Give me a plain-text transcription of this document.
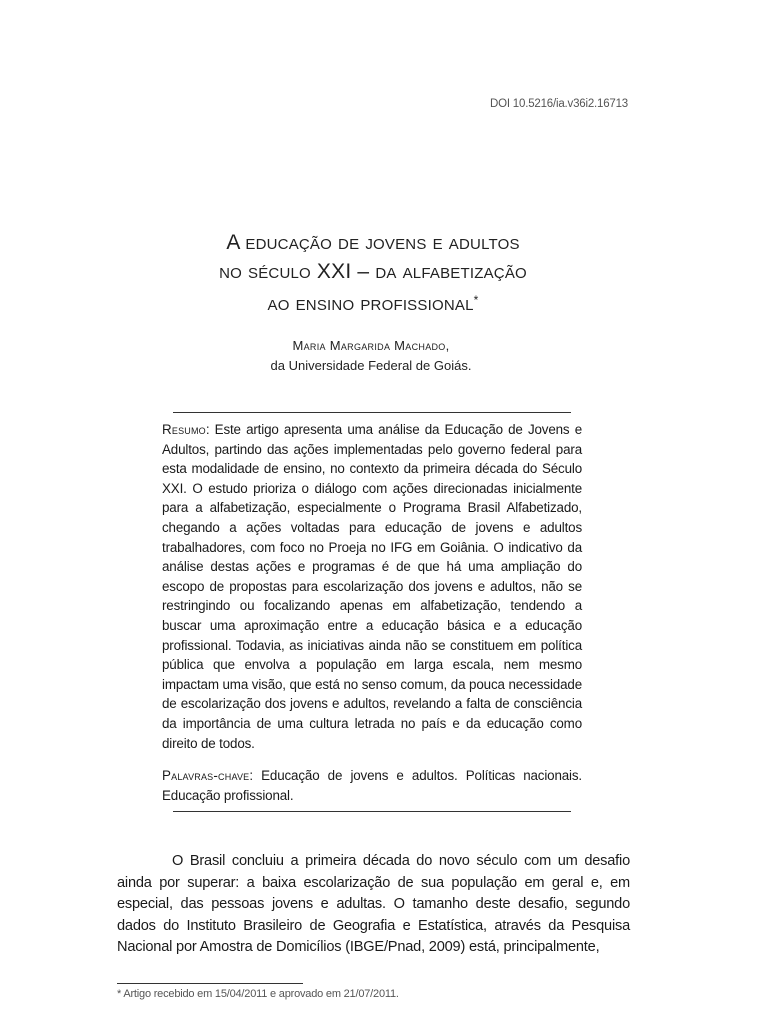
DOI 10.5216/ia.v36i2.16713
A educação de jovens e adultos
no século XXI – da alfabetização
ao ensino profissional*
Maria Margarida Machado,
da Universidade Federal de Goiás.
Resumo: Este artigo apresenta uma análise da Educação de Jovens e Adultos, partindo das ações implementadas pelo governo federal para esta modalidade de ensino, no contexto da primeira década do Século XXI. O estudo prioriza o diálogo com ações direcionadas inicialmente para a alfabetização, especialmente o Programa Brasil Alfabetizado, chegando a ações voltadas para educação de jovens e adultos trabalhadores, com foco no Proeja no IFG em Goiânia. O indicativo da análise destas ações e programas é de que há uma ampliação do escopo de propostas para escolarização dos jovens e adultos, não se restringindo ou focalizando apenas em alfabetização, tendendo a buscar uma aproximação entre a educação básica e a educação profissional. Todavia, as iniciativas ainda não se constituem em política pública que envolva a população em larga escala, nem mesmo impactam uma visão, que está no senso comum, da pouca necessidade de escolarização dos jovens e adultos, revelando a falta de consciência da importância de uma cultura letrada no país e da educação como direito de todos.
Palavras-chave: Educação de jovens e adultos. Políticas nacionais. Educação profissional.

O Brasil concluiu a primeira década do novo século com um desafio ainda por superar: a baixa escolarização de sua população em geral e, em especial, das pessoas jovens e adultas. O tamanho deste desafio, segundo dados do Instituto Brasileiro de Geografia e Estatística, através da Pesquisa Nacional por Amostra de Domicílios (IBGE/Pnad, 2009) está, principalmente,

* Artigo recebido em 15/04/2011 e aprovado em 21/07/2011.
